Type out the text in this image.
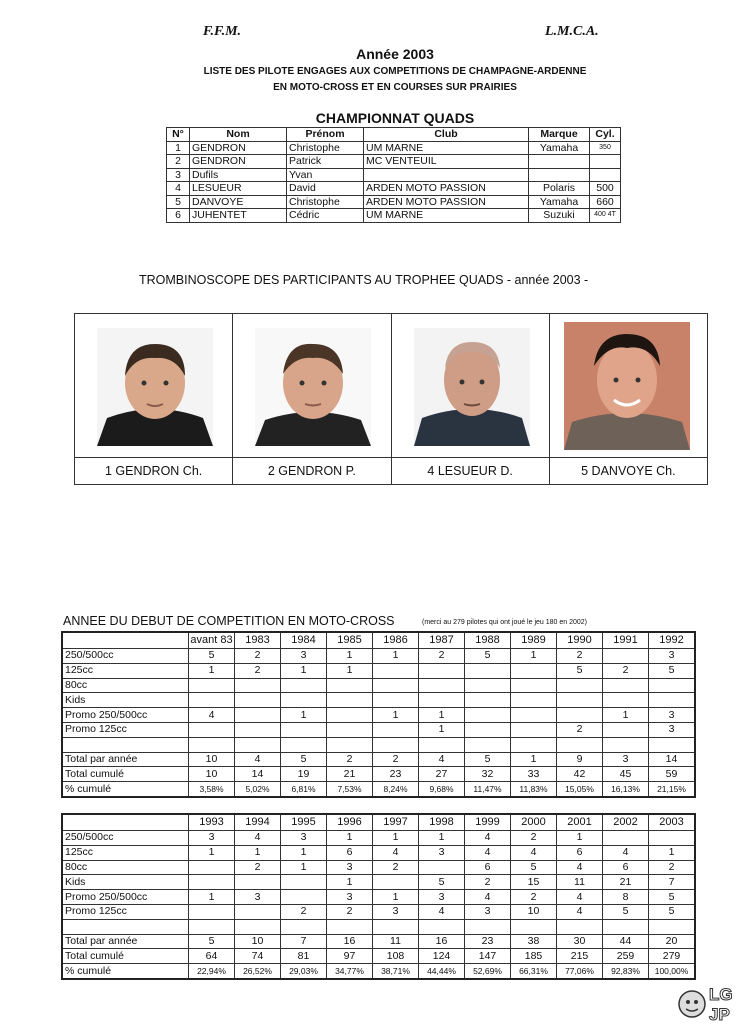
F.F.M.	L.M.C.A.
Année 2003
LISTE DES PILOTE ENGAGES AUX COMPETITIONS DE CHAMPAGNE-ARDENNE
EN MOTO-CROSS ET EN COURSES SUR PRAIRIES
CHAMPIONNAT QUADS
N°	Nom	Prénom	Club	Marque	Cyl.
1	GENDRON	Christophe	UM MARNE	Yamaha	350
2	GENDRON	Patrick	MC VENTEUIL		
3	Dufils	Yvan			
4	LESUEUR	David	ARDEN MOTO PASSION	Polaris	500
5	DANVOYE	Christophe	ARDEN MOTO PASSION	Yamaha	660
6	JUHENTET	Cédric	UM MARNE	Suzuki	400 4T
TROMBINOSCOPE DES PARTICIPANTS AU TROPHEE QUADS - année 2003 -
1 GENDRON Ch.	2 GENDRON P.	4 LESUEUR D.	5 DANVOYE Ch.
ANNEE DU DEBUT DE COMPETITION EN MOTO-CROSS	(merci au 279 pilotes qui ont joué le jeu 180 en 2002)
	avant 83	1983	1984	1985	1986	1987	1988	1989	1990	1991	1992
250/500cc	5	2	3	1	1	2	5	1	2		3
125cc	1	2	1	1					5	2	5
80cc											
Kids											
Promo 250/500cc	4		1		1	1				1	3
Promo 125cc						1			2		3

Total par année	10	4	5	2	2	4	5	1	9	3	14
Total cumulé	10	14	19	21	23	27	32	33	42	45	59
% cumulé	3,58%	5,02%	6,81%	7,53%	8,24%	9,68%	11,47%	11,83%	15,05%	16,13%	21,15%
	1993	1994	1995	1996	1997	1998	1999	2000	2001	2002	2003
250/500cc	3	4	3	1	1	1	4	2	1		
125cc	1	1	1	6	4	3	4	4	6	4	1
80cc		2	1	3	2		6	5	4	6	2
Kids				1		5	2	15	11	21	7
Promo 250/500cc	1	3		3	1	3	4	2	4	8	5
Promo 125cc			2	2	3	4	3	10	4	5	5

Total par année	5	10	7	16	11	16	23	38	30	44	20
Total cumulé	64	74	81	97	108	124	147	185	215	259	279
% cumulé	22,94%	26,52%	29,03%	34,77%	38,71%	44,44%	52,69%	66,31%	77,06%	92,83%	100,00%
LG
JP
